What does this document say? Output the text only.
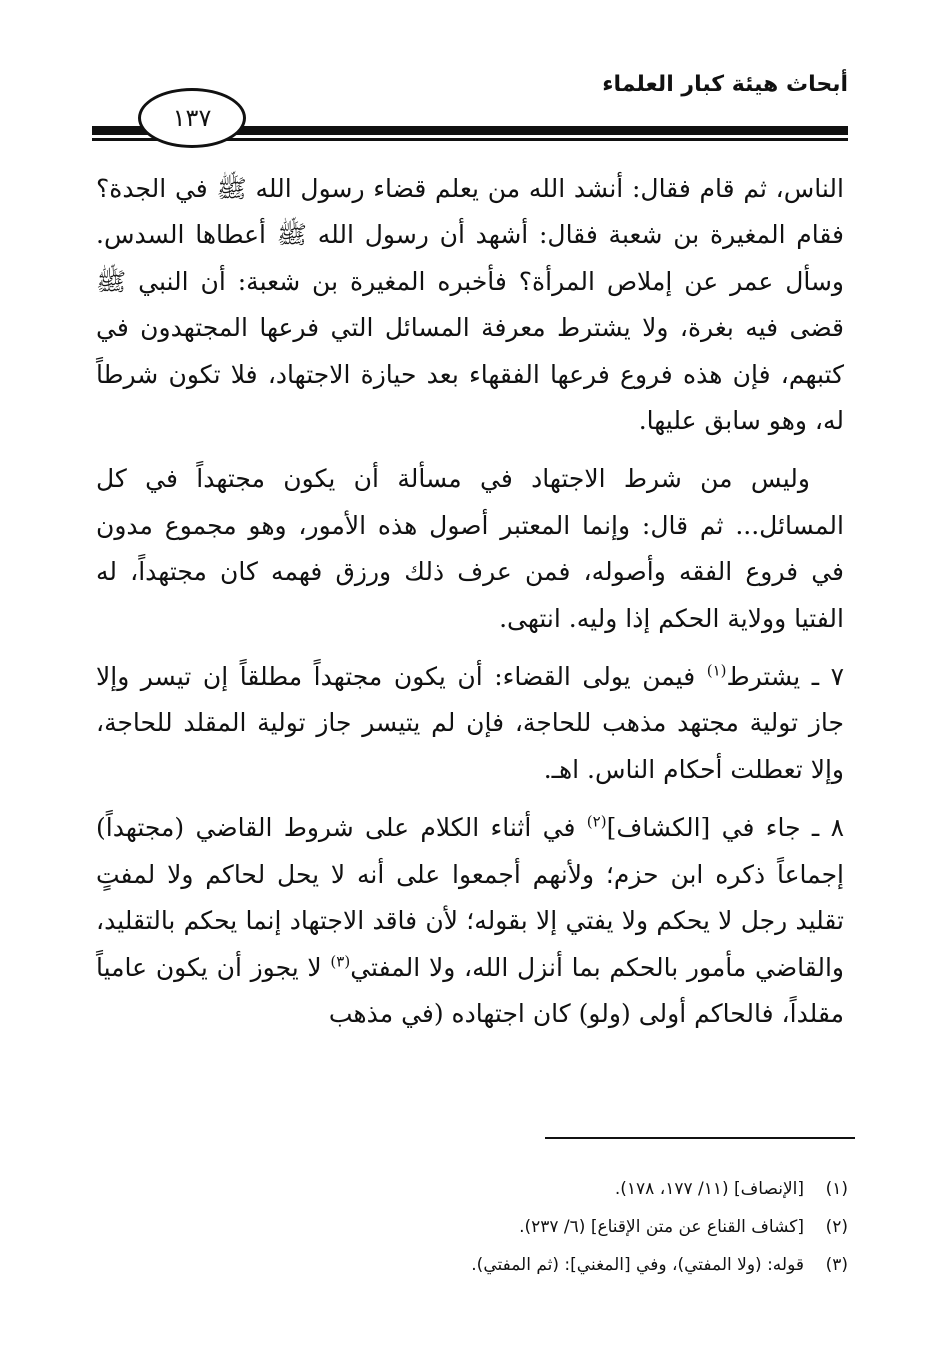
أبحاث هيئة كبار العلماء
١٣٧

الناس، ثم قام فقال: أنشد الله من يعلم قضاء رسول الله ﷺ في الجدة؟ فقام المغيرة بن شعبة فقال: أشهد أن رسول الله ﷺ أعطاها السدس. وسأل عمر عن إملاص المرأة؟ فأخبره المغيرة بن شعبة: أن النبي ﷺ قضى فيه بغرة، ولا يشترط معرفة المسائل التي فرعها المجتهدون في كتبهم، فإن هذه فروع فرعها الفقهاء بعد حيازة الاجتهاد، فلا تكون شرطاً له، وهو سابق عليها.

وليس من شرط الاجتهاد في مسألة أن يكون مجتهداً في كل المسائل... ثم قال: وإنما المعتبر أصول هذه الأمور، وهو مجموع مدون في فروع الفقه وأصوله، فمن عرف ذلك ورزق فهمه كان مجتهداً، له الفتيا وولاية الحكم إذا وليه. انتهى.

٧ ـ يشترط$^{(١)}$ فيمن يولى القضاء: أن يكون مجتهداً مطلقاً إن تيسر وإلا جاز تولية مجتهد مذهب للحاجة، فإن لم يتيسر جاز تولية المقلد للحاجة، وإلا تعطلت أحكام الناس. اهـ.

٨ ـ جاء في [الكشاف]$^{(٢)}$ في أثناء الكلام على شروط القاضي (مجتهداً) إجماعاً ذكره ابن حزم؛ ولأنهم أجمعوا على أنه لا يحل لحاكم ولا لمفتٍ تقليد رجل لا يحكم ولا يفتي إلا بقوله؛ لأن فاقد الاجتهاد إنما يحكم بالتقليد، والقاضي مأمور بالحكم بما أنزل الله، ولا المفتي$^{(٣)}$ لا يجوز أن يكون عامياً مقلداً، فالحاكم أولى (ولو) كان اجتهاده (في مذهب

(١)
[الإنصاف] (١١/ ١٧٧، ١٧٨).
(٢)
[كشاف القناع عن متن الإقناع] (٦/ ٢٣٧).
(٣)
قوله: (ولا المفتي)، وفي [المغني]: (ثم المفتي).
